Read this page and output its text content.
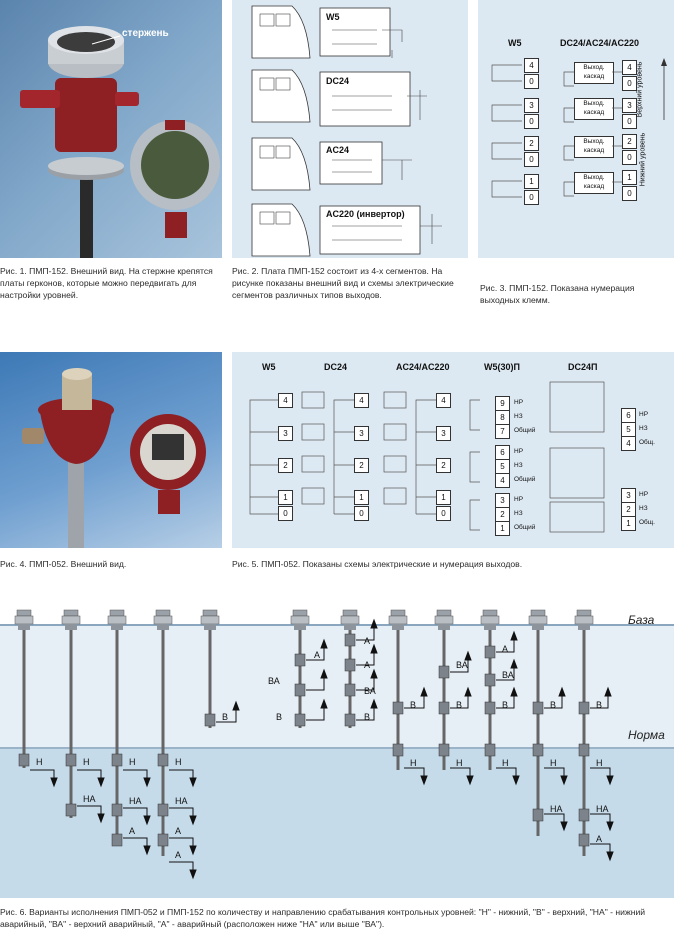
стержень
Рис. 1. ПМП-152. Внешний вид. На стержне крепятся платы герконов, которые можно передвигать для настройки уровней.
W5
DC24
AC24
AC220 (инвертор)
Рис. 2. Плата ПМП-152 состоит из 4-х сегментов. На рисунке показаны внешний вид и схемы электрические сегментов различных типов выходов.
W5	DC24/AC24/AC220
4
0
3
0
2
0
1
0
Выход. каскад
Выход. каскад
Выход. каскад
Выход. каскад
4
0
3
0
2
0
1
0
Верхний уровень
Нижний уровень
Рис. 3. ПМП-152. Показана нумерация выходных клемм.
Рис. 4. ПМП-052. Внешний вид.
W5	DC24	AC24/AC220	W5(30)П	DC24П
4
3
2
1
0
4
3
2
1
0
4
3
2
1
0
9	НР
8	НЗ
7	Общий
6	НР
5	НЗ
4	Общий
3	НР
2	НЗ
1	Общий
6	НР
5	НЗ
4	Общ.
3	НР
2	НЗ
1	Общ.
Рис. 5. ПМП-052. Показаны схемы электрические и нумерация выходов.
База
Норма
Н	Н
НА
Н
НА
А
Н
НА
А
А
В
ВА
В
А
А
А
ВА
В
В
Н
ВА
В
Н
А
ВА
В
Н
В
Н
НА
В
Н
НА
А
Рис. 6. Варианты исполнения ПМП-052 и ПМП-152 по количеству и направлению срабатывания контрольных уровней: "Н" - нижний, "В" - верхний, "НА" - нижний аварийный, "ВА" - верхний аварийный, "А" - аварийный (расположен ниже "НА" или выше "ВА").
